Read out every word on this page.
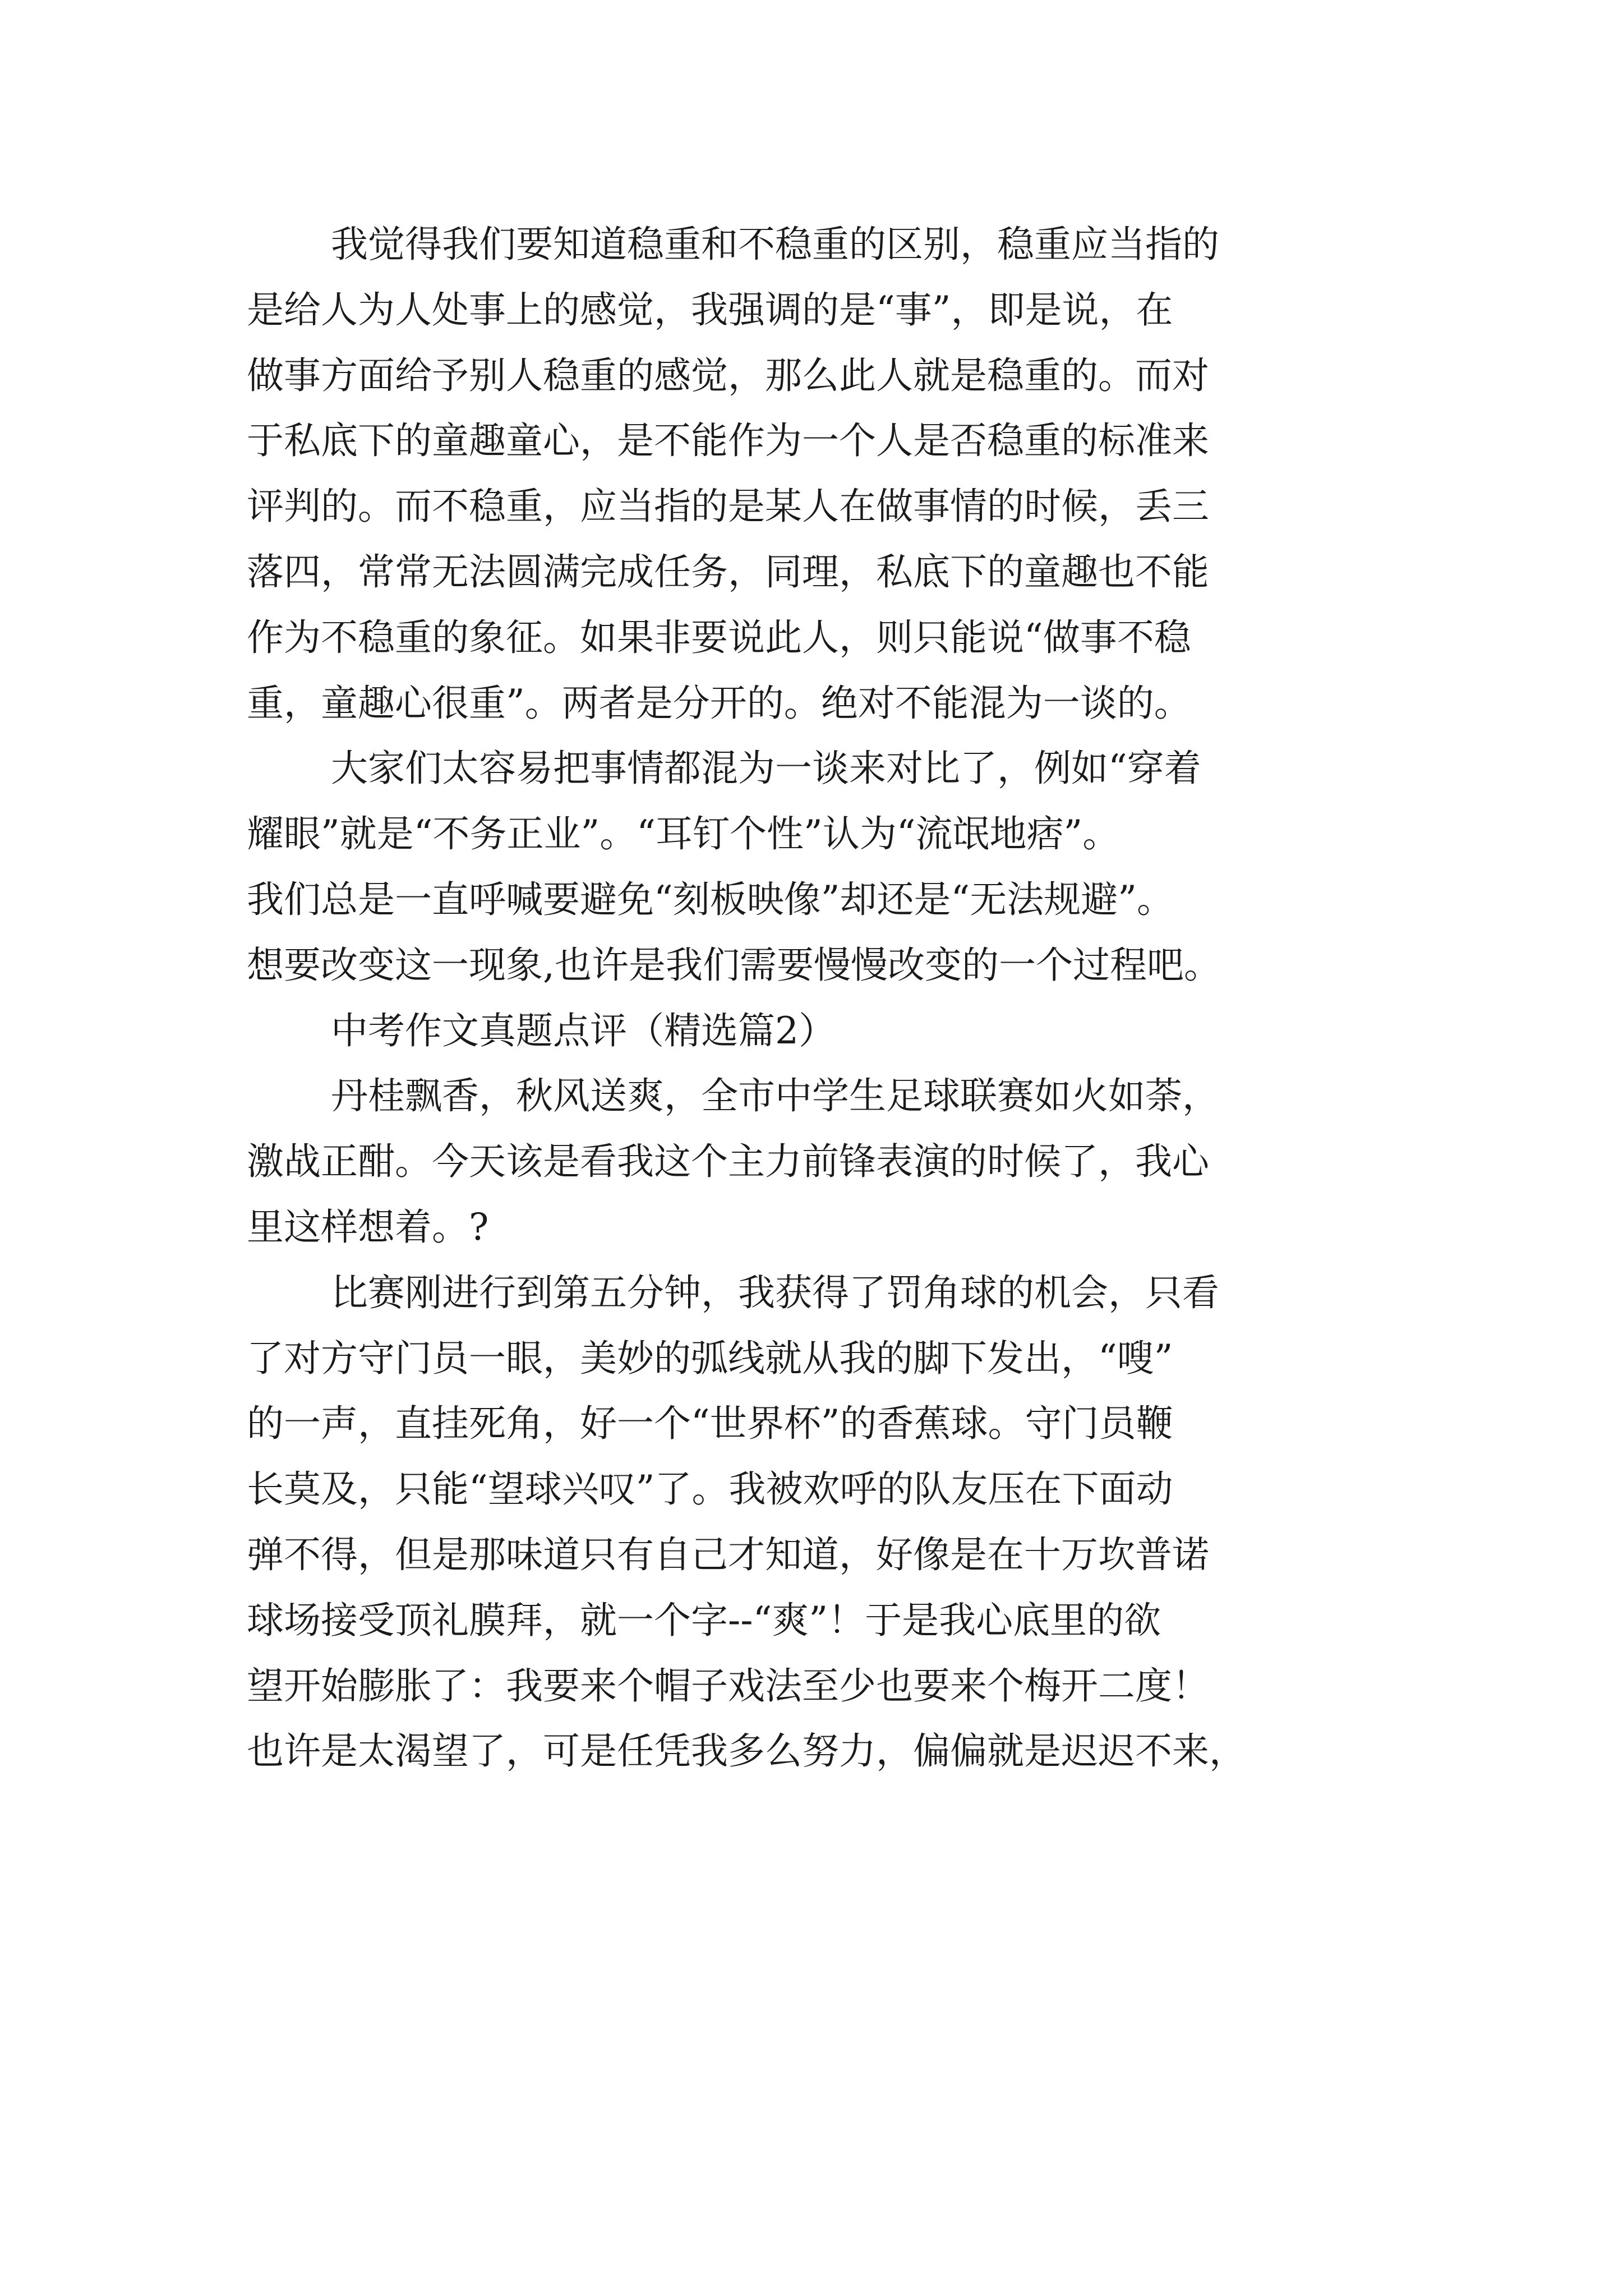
我觉得我们要知道稳重和不稳重的区别，稳重应当指的
是给人为人处事上的感觉，我强调的是“事”，即是说，在
做事方面给予别人稳重的感觉，那么此人就是稳重的。而对
于私底下的童趣童心，是不能作为一个人是否稳重的标准来
评判的。而不稳重，应当指的是某人在做事情的时候，丢三
落四，常常无法圆满完成任务，同理，私底下的童趣也不能
作为不稳重的象征。如果非要说此人，则只能说“做事不稳
重，童趣心很重”。两者是分开的。绝对不能混为一谈的。
大家们太容易把事情都混为一谈来对比了，例如“穿着
耀眼”就是“不务正业”。“耳钉个性”认为“流氓地痞”。
我们总是一直呼喊要避免“刻板映像”却还是“无法规避”。
想要改变这一现象,也许是我们需要慢慢改变的一个过程吧。
中考作文真题点评（精选篇2）
丹桂飘香，秋风送爽，全市中学生足球联赛如火如荼，
激战正酣。今天该是看我这个主力前锋表演的时候了，我心
里这样想着。?
比赛刚进行到第五分钟，我获得了罚角球的机会，只看
了对方守门员一眼，美妙的弧线就从我的脚下发出，“嗖”
的一声，直挂死角，好一个“世界杯”的香蕉球。守门员鞭
长莫及，只能“望球兴叹”了。我被欢呼的队友压在下面动
弹不得，但是那味道只有自己才知道，好像是在十万坎普诺
球场接受顶礼膜拜，就一个字--“爽”！于是我心底里的欲
望开始膨胀了：我要来个帽子戏法至少也要来个梅开二度！
也许是太渴望了，可是任凭我多么努力，偏偏就是迟迟不来，
